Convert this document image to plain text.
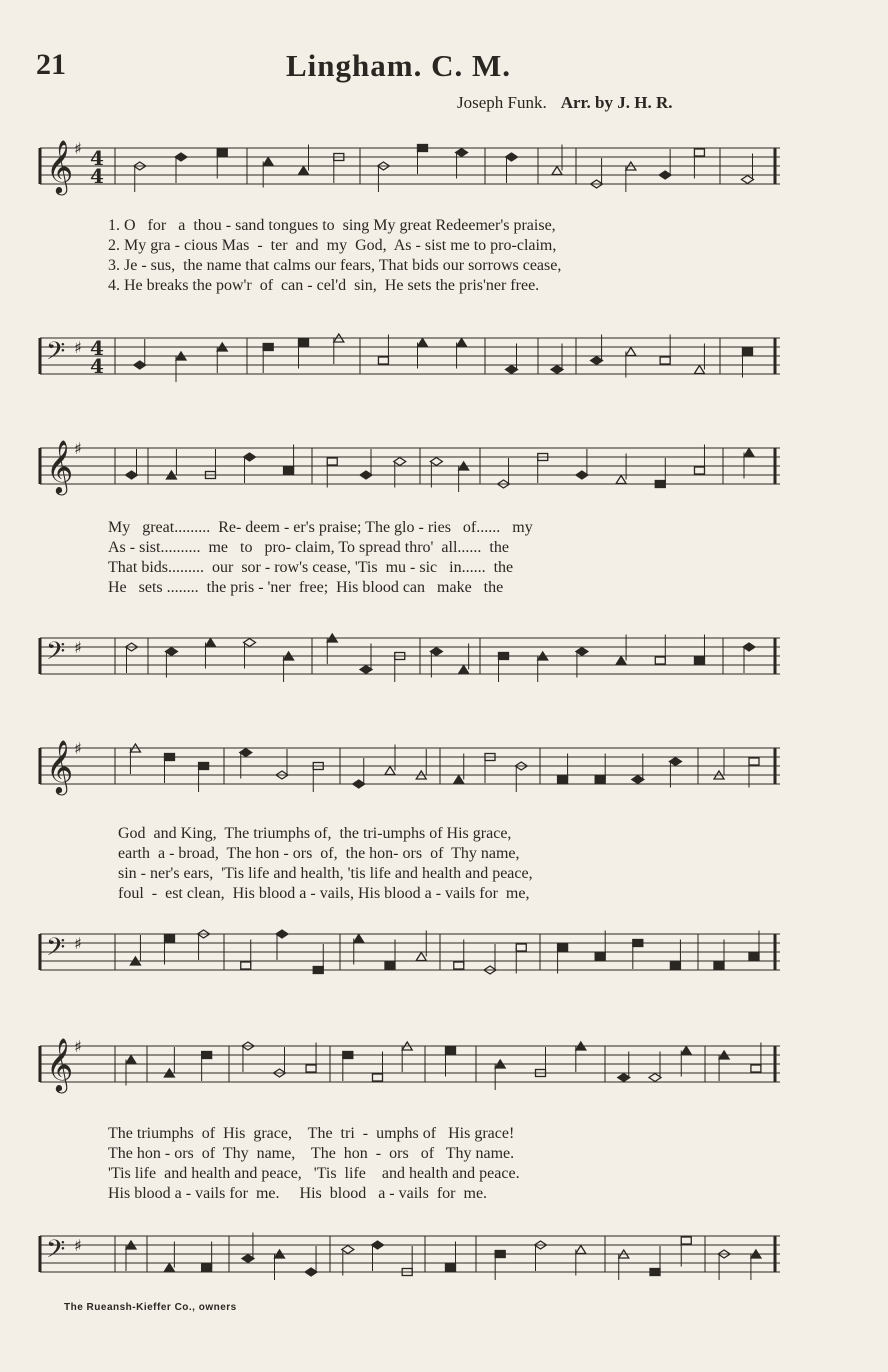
21	Lingham. C. M.
Joseph Funk. Arr. by J. H. R.
𝄞 ♯ 4
4
1. O   for   a  thou - sand tongues to  sing My great Redeemer's praise,
2. My gra - cious Mas  -  ter  and  my  God,  As - sist me to pro-claim,
3. Je - sus,  the name that calms our fears, That bids our sorrows cease,
4. He breaks the pow'r  of  can - cel'd  sin,  He sets the pris'ner free.
𝄢 ♯ 4
4
𝄞 ♯
My   great.........  Re- deem - er's praise; The glo - ries   of......   my
As - sist..........  me   to   pro- claim, To spread thro'  all......  the
That bids.........  our  sor - row's cease, 'Tis  mu - sic   in......  the
He   sets ........  the pris - 'ner  free;  His blood can   make   the
𝄢 ♯
𝄞 ♯
God  and King,  The triumphs of,  the tri-umphs of His grace,
earth  a - broad,  The hon - ors  of,  the hon- ors  of  Thy name,
sin - ner's ears,  'Tis life and health, 'tis life and health and peace,
foul  -  est clean,  His blood a - vails, His blood a - vails for  me,
𝄢 ♯
𝄞 ♯
The triumphs  of  His  grace,    The  tri  -  umphs of   His grace!
The hon - ors  of  Thy  name,    The  hon  -  ors   of   Thy name.
'Tis life  and health and peace,   'Tis  life    and health and peace.
His blood a - vails for  me.     His  blood   a - vails  for  me.
𝄢 ♯
The Rueansh-Kieffer Co., owners
